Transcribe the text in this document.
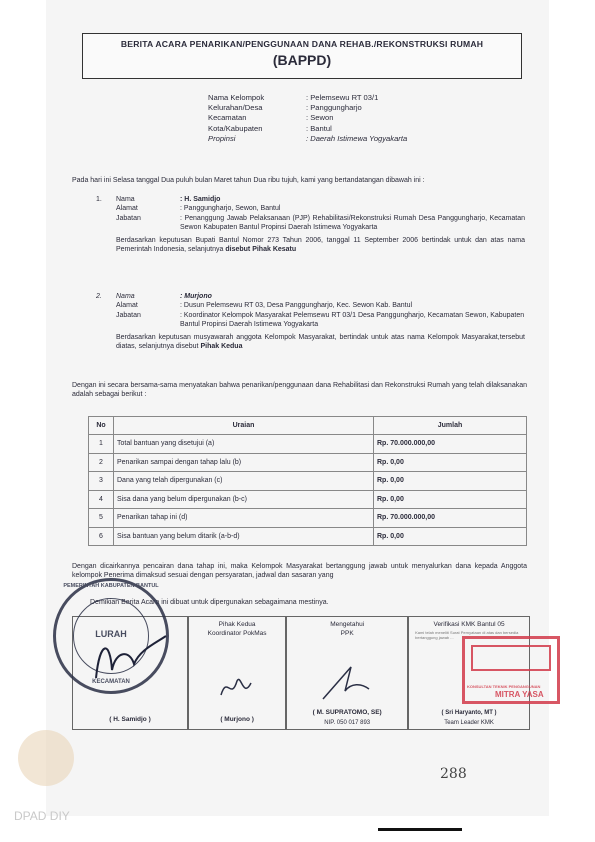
BERITA ACARA PENARIKAN/PENGGUNAAN DANA REHAB./REKONSTRUKSI RUMAH
(BAPPD)
Nama Kelompok	: Pelemsewu RT 03/1
Kelurahan/Desa	: Panggungharjo
Kecamatan	: Sewon
Kota/Kabupaten	: Bantul
Propinsi	: Daerah Istimewa Yogyakarta
Pada hari ini Selasa tanggal Dua puluh bulan Maret tahun Dua ribu tujuh, kami yang bertandatangan dibawah ini :
1.	Nama	: H. Samidjo
Alamat	: Panggungharjo, Sewon, Bantul
Jabatan	: Penanggung Jawab Pelaksanaan (PJP) Rehabilitasi/Rekonstruksi Rumah Desa Panggungharjo, Kecamatan Sewon Kabupaten Bantul Propinsi Daerah Istimewa Yogyakarta
Berdasarkan keputusan Bupati Bantul Nomor 273 Tahun 2006, tanggal 11 September 2006 bertindak untuk dan atas nama Pemerintah Indonesia, selanjutnya disebut Pihak Kesatu
2.	Nama	: Murjono
Alamat	: Dusun Pelemsewu RT 03, Desa Panggungharjo, Kec. Sewon Kab. Bantul
Jabatan	: Koordinator Kelompok Masyarakat Pelemsewu RT 03/1 Desa Panggungharjo, Kecamatan Sewon, Kabupaten Bantul Propinsi Daerah Istimewa Yogyakarta
Berdasarkan keputusan musyawarah anggota Kelompok Masyarakat, bertindak untuk atas nama Kelompok Masyarakat,tersebut diatas, selanjutnya disebut Pihak Kedua
Dengan ini secara bersama-sama menyatakan bahwa penarikan/penggunaan dana Rehabilitasi dan Rekonstruksi Rumah yang telah dilaksanakan adalah sebagai berikut :
No	Uraian	Jumlah
1	Total bantuan yang disetujui (a)	Rp. 70.000.000,00
2	Penarikan sampai dengan tahap lalu (b)	Rp. 0,00
3	Dana yang telah dipergunakan (c)	Rp. 0,00
4	Sisa dana yang belum dipergunakan (b-c)	Rp. 0,00
5	Penarikan tahap ini (d)	Rp. 70.000.000,00
6	Sisa bantuan yang belum ditarik (a-b-d)	Rp. 0,00
Dengan dicairkannya pencairan dana tahap ini, maka Kelompok Masyarakat bertanggung jawab untuk menyalurkan dana kepada Anggota kelompok Penerima dimaksud sesuai dengan persyaratan, jadwal dan sasaran yang
Demikian Berita Acara ini dibuat untuk dipergunakan sebagaimana mestinya.
( H. Samidjo )
Pihak Kedua
Koordinator PokMas
( Murjono )
Mengetahui
PPK
( M. SUPRATOMO, SE)
NIP. 050 017 893
Verifikasi KMK Bantul 05
Kami telah meneliti Surat Pernyataan di atas dan bersedia bertanggung jawab ...
( Sri Haryanto, MT )
Team Leader KMK
PEMERINTAH KABUPATEN BANTUL
LURAH
KECAMATAN
KONSULTAN TEKNIK PENGANGUNAN
MITRA YASA
DPAD DIY
288
